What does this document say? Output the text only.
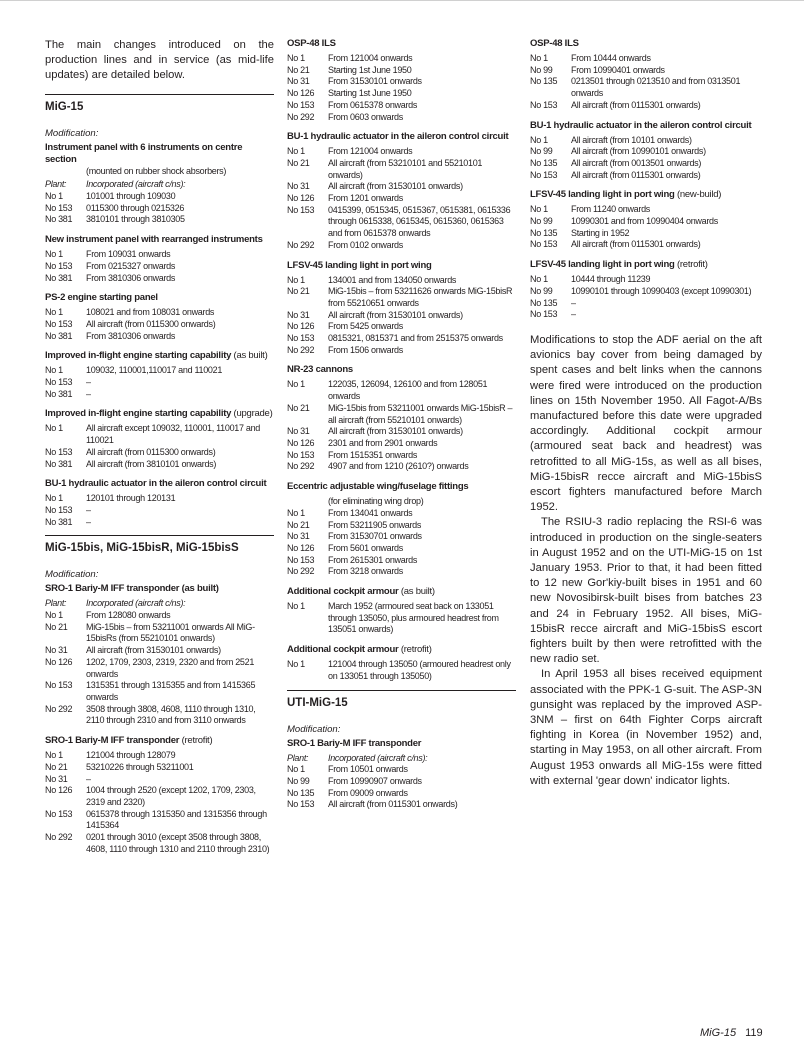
The main changes introduced on the production lines and in service (as mid-life updates) are detailed below.

MiG-15
Modification:
Instrument panel with 6 instruments on centre section
(mounted on rubber shock absorbers)
Plant:	Incorporated (aircraft c/ns):
No 1	101001 through 109030
No 153	0115300 through 0215326
No 381	3810101 through 3810305
New instrument panel with rearranged instruments
No 1	From 109031 onwards
No 153	From 0215327 onwards
No 381	From 3810306 onwards
PS-2 engine starting panel
No 1	108021 and from 108031 onwards
No 153	All aircraft (from 0115300 onwards)
No 381	From 3810306 onwards
Improved in-flight engine starting capability (as built)
No 1	109032, 110001,110017 and 110021
No 153	–
No 381	–
Improved in-flight engine starting capability (upgrade)
No 1	All aircraft except 109032, 110001, 110017 and 110021
No 153	All aircraft (from 0115300 onwards)
No 381	All aircraft (from 3810101 onwards)
BU-1 hydraulic actuator in the aileron control circuit
No 1	120101 through 120131
No 153	–
No 381	–
MiG-15bis, MiG-15bisR, MiG-15bisS
Modification:
SRO-1 Bariy-M IFF transponder (as built)
Plant:	Incorporated (aircraft c/ns):
No 1	From 128080 onwards
No 21	MiG-15bis – from 53211001 onwards All MiG-15bisRs (from 55210101 onwards)
No 31	All aircraft (from 31530101 onwards)
No 126	1202, 1709, 2303, 2319, 2320 and from 2521 onwards
No 153	1315351 through 1315355 and from 1415365 onwards
No 292	3508 through 3808, 4608, 1110 through 1310, 2110 through 2310 and from 3110 onwards
SRO-1 Bariy-M IFF transponder (retrofit)
No 1	121004 through 128079
No 21	53210226 through 53211001
No 31	–
No 126	1004 through 2520 (except 1202, 1709, 2303, 2319 and 2320)
No 153	0615378 through 1315350 and 1315356 through 1415364
No 292	0201 through 3010 (except 3508 through 3808, 4608, 1110 through 1310 and 2110 through 2310)
OSP-48 ILS
No 1	From 121004 onwards
No 21	Starting 1st June 1950
No 31	From 31530101 onwards
No 126	Starting 1st June 1950
No 153	From 0615378 onwards
No 292	From 0603 onwards
BU-1 hydraulic actuator in the aileron control circuit
No 1	From 121004 onwards
No 21	All aircraft (from 53210101 and 55210101 onwards)
No 31	All aircraft (from 31530101 onwards)
No 126	From 1201 onwards
No 153	0415399, 0515345, 0515367, 0515381, 0615336 through 0615338, 0615345, 0615360, 0615363 and from 0615378 onwards
No 292	From 0102 onwards
LFSV-45 landing light in port wing
No 1	134001 and from 134050 onwards
No 21	MiG-15bis – from 53211626 onwards MiG-15bisR from 55210651 onwards
No 31	All aircraft (from 31530101 onwards)
No 126	From 5425 onwards
No 153	0815321, 0815371 and from 2515375 onwards
No 292	From 1506 onwards
NR-23 cannons
No 1	122035, 126094, 126100 and from 128051 onwards
No 21	MiG-15bis from 53211001 onwards MiG-15bisR – all aircraft (from 55210101 onwards)
No 31	All aircraft (from 31530101 onwards)
No 126	2301 and from 2901 onwards
No 153	From 1515351 onwards
No 292	4907 and from 1210 (2610?) onwards
Eccentric adjustable wing/fuselage fittings
(for eliminating wing drop)
No 1	From 134041 onwards
No 21	From 53211905 onwards
No 31	From 31530701 onwards
No 126	From 5601 onwards
No 153	From 2615301 onwards
No 292	From 3218 onwards
Additional cockpit armour (as built)
No 1	March 1952 (armoured seat back on 133051 through 135050, plus armoured headrest from 135051 onwards)
Additional cockpit armour (retrofit)
No 1	121004 through 135050 (armoured headrest only on 133051 through 135050)
UTI-MiG-15
Modification:
SRO-1 Bariy-M IFF transponder
Plant:	Incorporated (aircraft c/ns):
No 1	From 10501 onwards
No 99	From 10990907 onwards
No 135	From 09009 onwards
No 153	All aircraft (from 0115301 onwards)
OSP-48 ILS
No 1	From 10444 onwards
No 99	From 10990401 onwards
No 135	0213501 through 0213510 and from 0313501 onwards
No 153	All aircraft (from 0115301 onwards)
BU-1 hydraulic actuator in the aileron control circuit
No 1	All aircraft (from 10101 onwards)
No 99	All aircraft (from 10990101 onwards)
No 135	All aircraft (from 0013501 onwards)
No 153	All aircraft (from 0115301 onwards)
LFSV-45 landing light in port wing (new-build)
No 1	From 11240 onwards
No 99	10990301 and from 10990404 onwards
No 135	Starting in 1952
No 153	All aircraft (from 0115301 onwards)
LFSV-45 landing light in port wing (retrofit)
No 1	10444 through 11239
No 99	10990101 through 10990403 (except 10990301)
No 135	–
No 153	–

Modifications to stop the ADF aerial on the aft avionics bay cover from being damaged by spent cases and belt links when the cannons were fired were introduced on the production lines on 15th November 1950. All Fagot-A/Bs manufactured before this date were upgraded accordingly. Additional cockpit armour (armoured seat back and headrest) was retrofitted to all MiG-15s, as well as all bises, MiG-15bisR recce aircraft and MiG-15bisS escort fighters manufactured before March 1952.

The RSIU-3 radio replacing the RSI-6 was introduced in production on the single-seaters in August 1952 and on the UTI-MiG-15 on 1st January 1953. Prior to that, it had been fitted to 12 new Gor'kiy-built bises in 1951 and 60 new Novosibirsk-built bises from batches 23 and 24 in February 1952. All bises, MiG-15bisR recce aircraft and MiG-15bisS escort fighters built by then were retrofitted with the new radio set.

In April 1953 all bises received equipment associated with the PPK-1 G-suit. The ASP-3N gunsight was replaced by the improved ASP-3NM – first on 64th Fighter Corps aircraft fighting in Korea (in November 1952) and, starting in May 1953, on all other aircraft. From August 1953 onwards all MiG-15s were fitted with external 'gear down' indicator lights.

MiG-15 119
